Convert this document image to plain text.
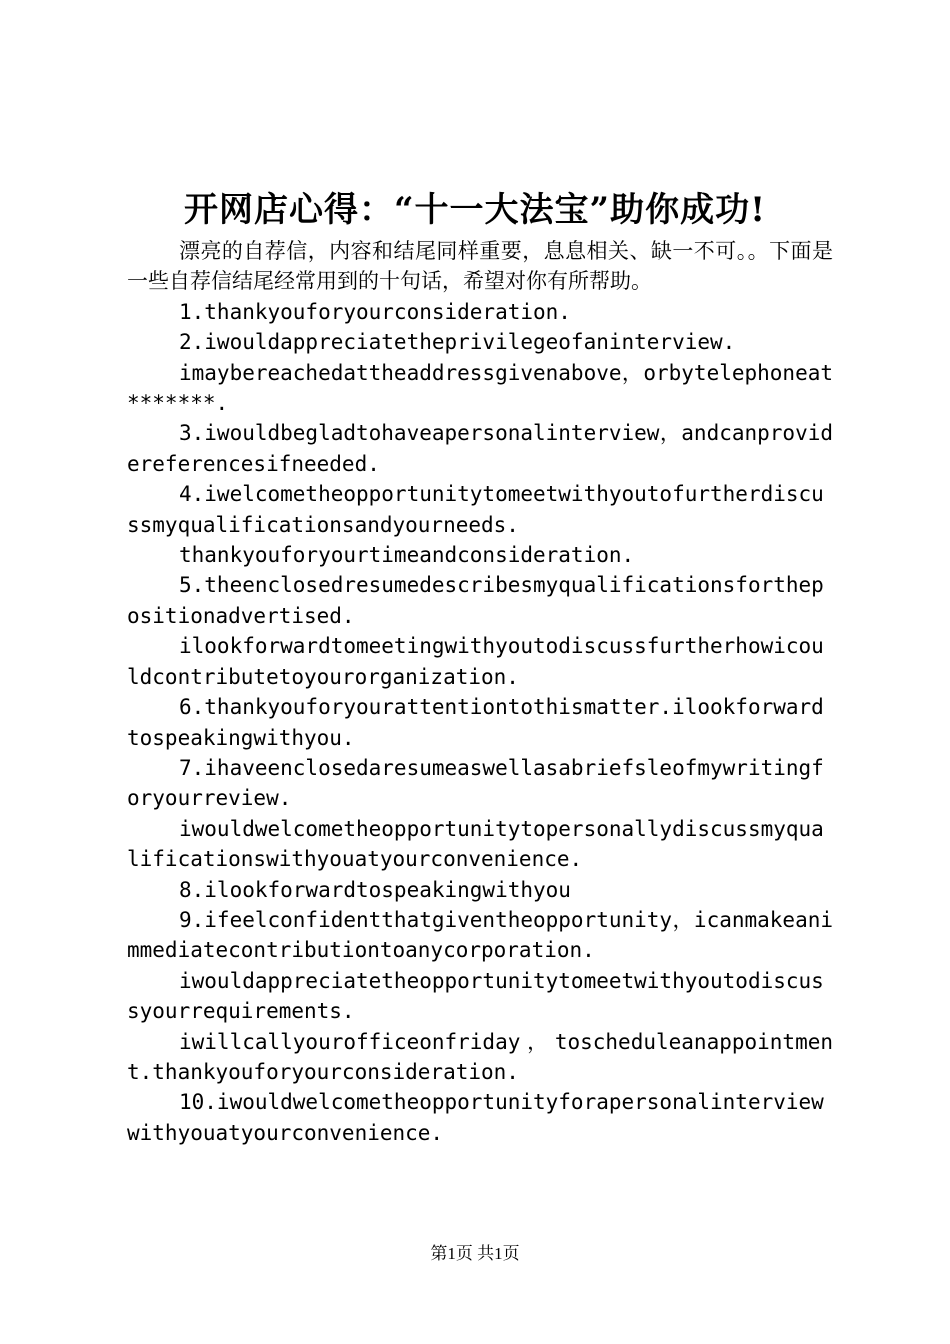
开网店心得：“十一大法宝”助你成功!

漂亮的自荐信，内容和结尾同样重要，息息相关、缺一不可。。下面是一些自荐信结尾经常用到的十句话，希望对你有所帮助。

1.thankyouforyourconsideration.

2.iwouldappreciatetheprivilegeofaninterview.

imaybereachedattheaddressgivenabove，orbytelephoneat*******.

3.iwouldbegladtohaveapersonalinterview，andcanprovidereferencesifneeded.

4.iwelcometheopportunitytomeetwithyoutofurtherdiscussmyqualificationsandyourneeds.

thankyouforyourtimeandconsideration.

5.theenclosedresumedescribesmyqualificationsforthepositionadvertised.

ilookforwardtomeetingwithyoutodiscussfurtherhowicouldcontributetoyourorganization.

6.thankyouforyourattentiontothismatter.ilookforwardtospeakingwithyou.

7.ihaveenclosedaresumeaswellasabriefsleofmywritingforyourreview.

iwouldwelcometheopportunitytopersonallydiscussmyqualificationswithyouatyourconvenience.

8.ilookforwardtospeakingwithyou

9.ifeelconfidentthatgiventheopportunity，icanmakeanimmediatecontributiontoanycorporation.

iwouldappreciatetheopportunitytomeetwithyoutodiscussyourrequirements.

iwillcallyourofficeonfriday，toscheduleanappointment.thankyouforyourconsideration.

10.iwouldwelcometheopportunityforapersonalinterviewwithyouatyourconvenience.

第1页 共1页
